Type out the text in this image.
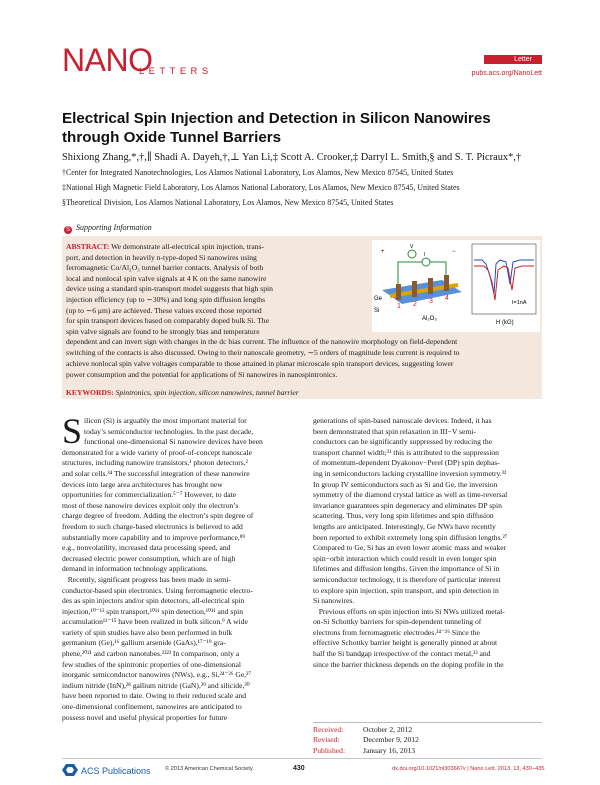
NANO
LETTERS
Letter
pubs.acs.org/NanoLett
Electrical Spin Injection and Detection in Silicon Nanowires through Oxide Tunnel Barriers
Shixiong Zhang,*,†,∥ Shadi A. Dayeh,†,⊥ Yan Li,‡ Scott A. Crooker,‡ Darryl L. Smith,§ and S. T. Picraux*,†
†Center for Integrated Nanotechnologies, Los Alamos National Laboratory, Los Alamos, New Mexico 87545, United States
‡National High Magnetic Field Laboratory, Los Alamos National Laboratory, Los Alamos, New Mexico 87545, United States
§Theoretical Division, Los Alamos National Laboratory, Los Alamos, New Mexico 87545, United States
S Supporting Information
ABSTRACT: We demonstrate all-electrical spin injection, trans-
port, and detection in heavily n-type-doped Si nanowires using
ferromagnetic Co/Al₂O₃ tunnel barrier contacts. Analysis of both
local and nonlocal spin valve signals at 4 K on the same nanowire
device using a standard spin-transport model suggests that high spin
injection efficiency (up to ∼30%) and long spin diffusion lengths
(up to ∼6 μm) are achieved. These values exceed those reported
for spin transport devices based on comparably doped bulk Si. The
spin valve signals are found to be strongly bias and temperature
1 2 3 4
+	−
I
V
Ge
Si
Al₂O₃
I=1nA
H (kG)
dependent and can invert sign with changes in the dc bias current. The influence of the nanowire morphology on field-dependent
switching of the contacts is also discussed. Owing to their nanoscale geometry, ∼5 orders of magnitude less current is required to
achieve nonlocal spin valve voltages comparable to those attained in planar microscale spin transport devices, suggesting lower
power consumption and the potential for applications of Si nanowires in nanospintronics.
KEYWORDS: Spintronics, spin injection, silicon nanowires, tunnel barrier
S ilicon (Si) is arguably the most important material for

today’s semiconductor technologies. In the past decade,

functional one-dimensional Si nanowire devices have been

demonstrated for a wide variety of proof-of-concept nanoscale

structures, including nanowire transistors,¹ photon detectors,²

and solar cells.³⁴ The successful integration of these nanowire

devices into large area architectures has brought new

opportunities for commercialization.⁵⁻⁷ However, to date

most of these nanowire devices exploit only the electron’s

charge degree of freedom. Adding the electron’s spin degree of

freedom to such charge-based electronics is believed to add

substantially more capability and to improve performance,⁸⁹

e.g., nonvolatility, increased data processing speed, and

decreased electric power consumption, which are of high

demand in information technology applications.

Recently, significant progress has been made in semi-

conductor-based spin electronics. Using ferromagnetic electro-

des as spin injectors and/or spin detectors, all-electrical spin

injection,¹⁰⁻¹² spin transport,¹⁰¹¹ spin detection,¹⁰¹¹ and spin

accumulation¹³⁻¹⁵ have been realized in bulk silicon.⁹ A wide

variety of spin studies have also been performed in bulk

germanium (Ge),¹⁶ gallium arsenide (GaAs),¹⁷⁻¹⁹ gra-

phene,²⁰²¹ and carbon nanotubes.²²²³ In comparison, only a

few studies of the spintronic properties of one-dimensional

inorganic semiconductor nanowires (NWs), e.g., Si,²⁴⁻²⁶ Ge,²⁷

indium nitride (InN),²⁸ gallium nitride (GaN),²⁹ and silicide,³⁰

have been reported to date. Owing to their reduced scale and

one-dimensional confinement, nanowires are anticipated to

possess novel and useful physical properties for future

generations of spin-based nanoscale devices. Indeed, it has

been demonstrated that spin relaxation in III−V semi-

conductors can be significantly suppressed by reducing the

transport channel width;³¹ this is attributed to the suppression

of momentum-dependent Dyakonov−Perel (DP) spin dephas-

ing in semiconductors lacking crystalline inversion symmetry.³²

In group IV semiconductors such as Si and Ge, the inversion

symmetry of the diamond crystal lattice as well as time-reversal

invariance guarantees spin degeneracy and eliminates DP spin

scattering. Thus, very long spin lifetimes and spin diffusion

lengths are anticipated. Interestingly, Ge NWs have recently

been reported to exhibit extremely long spin diffusion lengths.²⁷

Compared to Ge, Si has an even lower atomic mass and weaker

spin−orbit interaction which could result in even longer spin

lifetimes and diffusion lengths. Given the importance of Si in

semiconductor technology, it is therefore of particular interest

to explore spin injection, spin transport, and spin detection in

Si nanowires.

Previous efforts on spin injection into Si NWs utilized metal-

on-Si Schottky barriers for spin-dependent tunneling of

electrons from ferromagnetic electrodes.²⁴⁻²⁶ Since the

effective Schottky barrier height is generally pinned at about

half the Si bandgap irrespective of the contact metal,³³ and

since the barrier thickness depends on the doping profile in the

Received:	October 2, 2012
Revised:	December 9, 2012
Published: January 16, 2013
ACS Publications	© 2013 American Chemical Society	430	dx.doi.org/10.1021/nl303667v | Nano Lett. 2013, 13, 430−435
